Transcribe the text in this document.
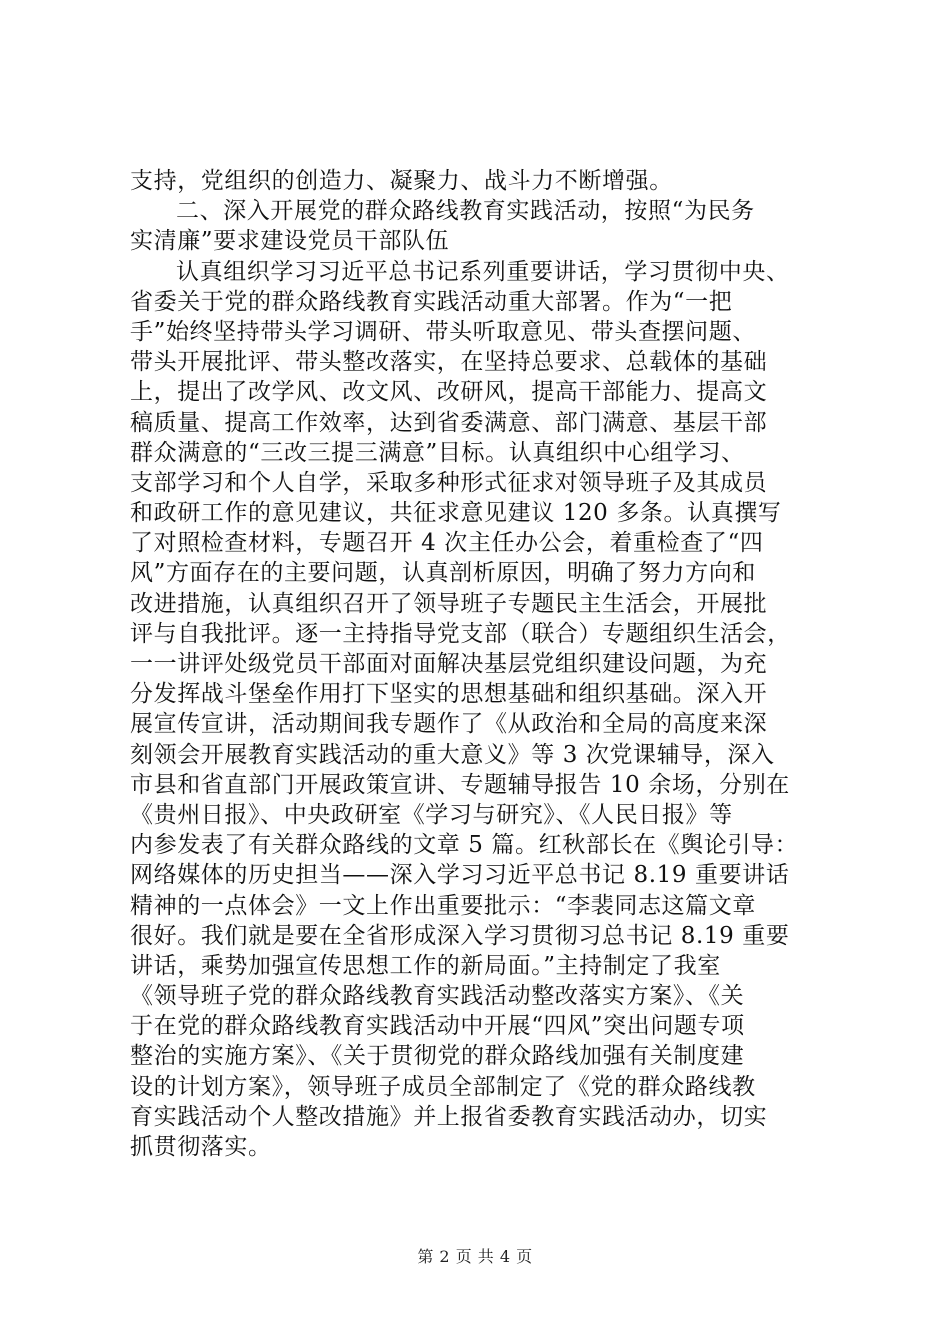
支持，党组织的创造力、凝聚力、战斗力不断增强。
二、深入开展党的群众路线教育实践活动，按照“为民务
实清廉”要求建设党员干部队伍
认真组织学习习近平总书记系列重要讲话，学习贯彻中央、
省委关于党的群众路线教育实践活动重大部署。作为“一把
手”始终坚持带头学习调研、带头听取意见、带头查摆问题、
带头开展批评、带头整改落实，在坚持总要求、总载体的基础
上，提出了改学风、改文风、改研风，提高干部能力、提高文
稿质量、提高工作效率，达到省委满意、部门满意、基层干部
群众满意的“三改三提三满意”目标。认真组织中心组学习、
支部学习和个人自学，采取多种形式征求对领导班子及其成员
和政研工作的意见建议，共征求意见建议 120 多条。认真撰写
了对照检查材料，专题召开 4 次主任办公会，着重检查了“四
风”方面存在的主要问题，认真剖析原因，明确了努力方向和
改进措施，认真组织召开了领导班子专题民主生活会，开展批
评与自我批评。逐一主持指导党支部（联合）专题组织生活会，
一一讲评处级党员干部面对面解决基层党组织建设问题，为充
分发挥战斗堡垒作用打下坚实的思想基础和组织基础。深入开
展宣传宣讲，活动期间我专题作了《从政治和全局的高度来深
刻领会开展教育实践活动的重大意义》等 3 次党课辅导，深入
市县和省直部门开展政策宣讲、专题辅导报告 10 余场，分别在
《贵州日报》、中央政研室《学习与研究》、《人民日报》等
内参发表了有关群众路线的文章 5 篇。红秋部长在《舆论引导：
网络媒体的历史担当——深入学习习近平总书记 8.19 重要讲话
精神的一点体会》一文上作出重要批示：“李裴同志这篇文章
很好。我们就是要在全省形成深入学习贯彻习总书记 8.19 重要
讲话，乘势加强宣传思想工作的新局面。”主持制定了我室
《领导班子党的群众路线教育实践活动整改落实方案》、《关
于在党的群众路线教育实践活动中开展“四风”突出问题专项
整治的实施方案》、《关于贯彻党的群众路线加强有关制度建
设的计划方案》，领导班子成员全部制定了《党的群众路线教
育实践活动个人整改措施》并上报省委教育实践活动办，切实
抓贯彻落实。
第 2 页 共 4 页
